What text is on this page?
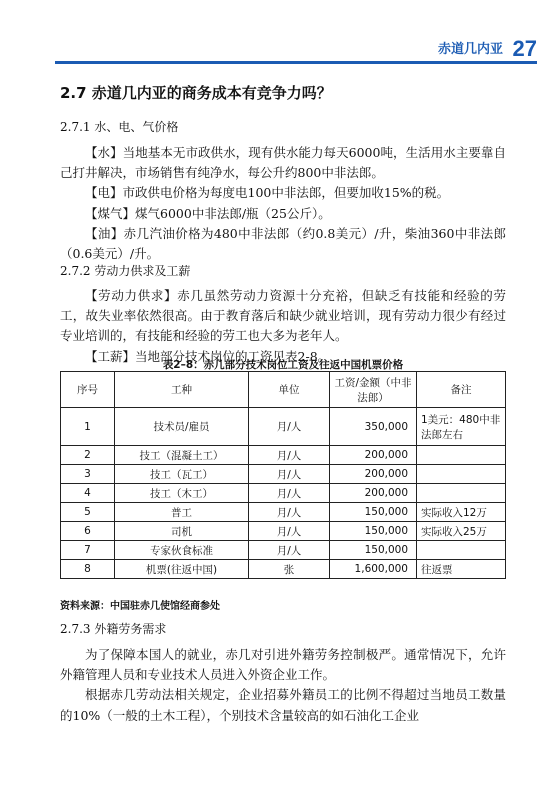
赤道几内亚 27
2.7 赤道几内亚的商务成本有竞争力吗？
2.7.1 水、电、气价格

【水】当地基本无市政供水，现有供水能力每天6000吨，生活用水主要靠自己打井解决，市场销售有纯净水，每公升约800中非法郎。

【电】市政供电价格为每度电100中非法郎，但要加收15%的税。

【煤气】煤气6000中非法郎/瓶（25公斤）。

【油】赤几汽油价格为480中非法郎（约0.8美元）/升，柴油360中非法郎（0.6美元）/升。

2.7.2 劳动力供求及工薪

【劳动力供求】赤几虽然劳动力资源十分充裕，但缺乏有技能和经验的劳工，故失业率依然很高。由于教育落后和缺少就业培训，现有劳动力很少有经过专业培训的，有技能和经验的劳工也大多为老年人。

【工薪】当地部分技术岗位的工资见表2-8。

表2–8：赤几部分技术岗位工资及往返中国机票价格
序号	工种	单位	工资/金额（中非法郎）	备注
1	技术员/雇员	月/人	350,000	1美元：480中非法郎左右
2	技工（混凝土工）	月/人	200,000	
3	技工（瓦工）	月/人	200,000	
4	技工（木工）	月/人	200,000	
5	普工	月/人	150,000	实际收入12万
6	司机	月/人	150,000	实际收入25万
7	专家伙食标准	月/人	150,000	
8	机票(往返中国)	张	1,600,000	往返票
资料来源：中国驻赤几使馆经商参处
2.7.3 外籍劳务需求

为了保障本国人的就业，赤几对引进外籍劳务控制极严。通常情况下，允许外籍管理人员和专业技术人员进入外资企业工作。

根据赤几劳动法相关规定，企业招募外籍员工的比例不得超过当地员工数量的10%（一般的土木工程），个别技术含量较高的如石油化工企业
